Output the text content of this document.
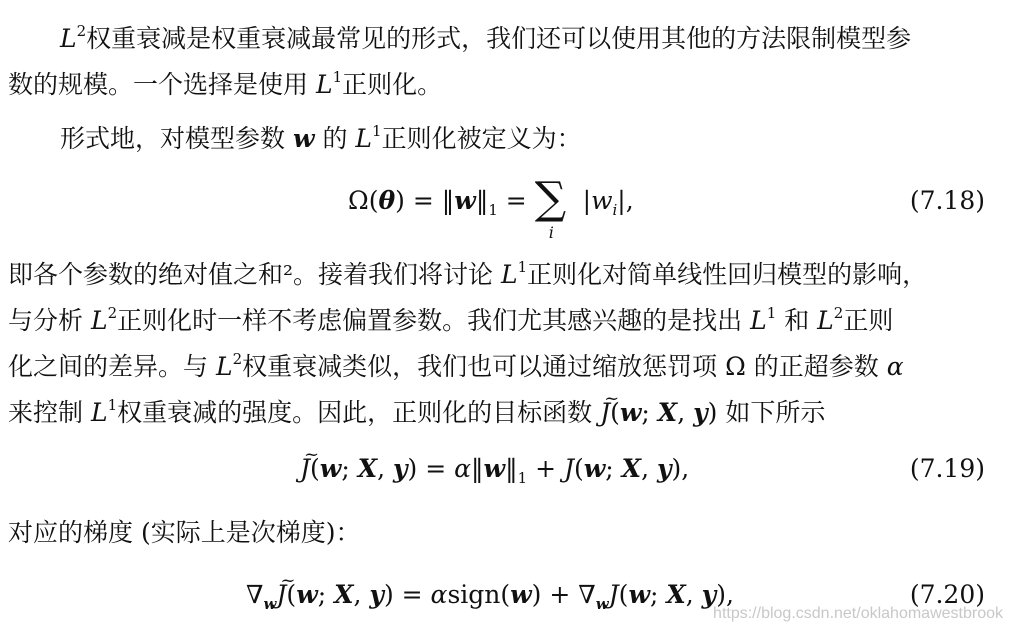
$L^2$权重衰减是权重衰减最常见的形式，我们还可以使用其他的方法限制模型参
数的规模。一个选择是使用 $L^1$正则化。
形式地，对模型参数 w 的 $L^1$正则化被定义为：
$\Omega(\theta) = ‖w‖_1$ = ∑
i
$|w_i|$,	(7.18)
即各个参数的绝对值之和²。接着我们将讨论 $L^1$正则化对简单线性回归模型的影响，
与分析 $L^2$正则化时一样不考虑偏置参数。我们尤其感兴趣的是找出 $L^1$ 和 $L^2$正则
化之间的差异。与 $L^2$权重衰减类似，我们也可以通过缩放惩罚项 Ω 的正超参数 α
来控制 $L^1$权重衰减的强度。因此，正则化的目标函数 ~ J(w; X, y) 如下所示
~ J(w; X, $y) = \alpha‖w‖_1 + J(w$; X, y),	(7.19)
对应的梯度 (实际上是次梯度)：
$\nabla_w\sim$ J(w; X, y) = αsign(w) + $\nabla_wJ(w$; X, y),	(7.20)
https://blog.csdn.net/oklahomawestbrook
